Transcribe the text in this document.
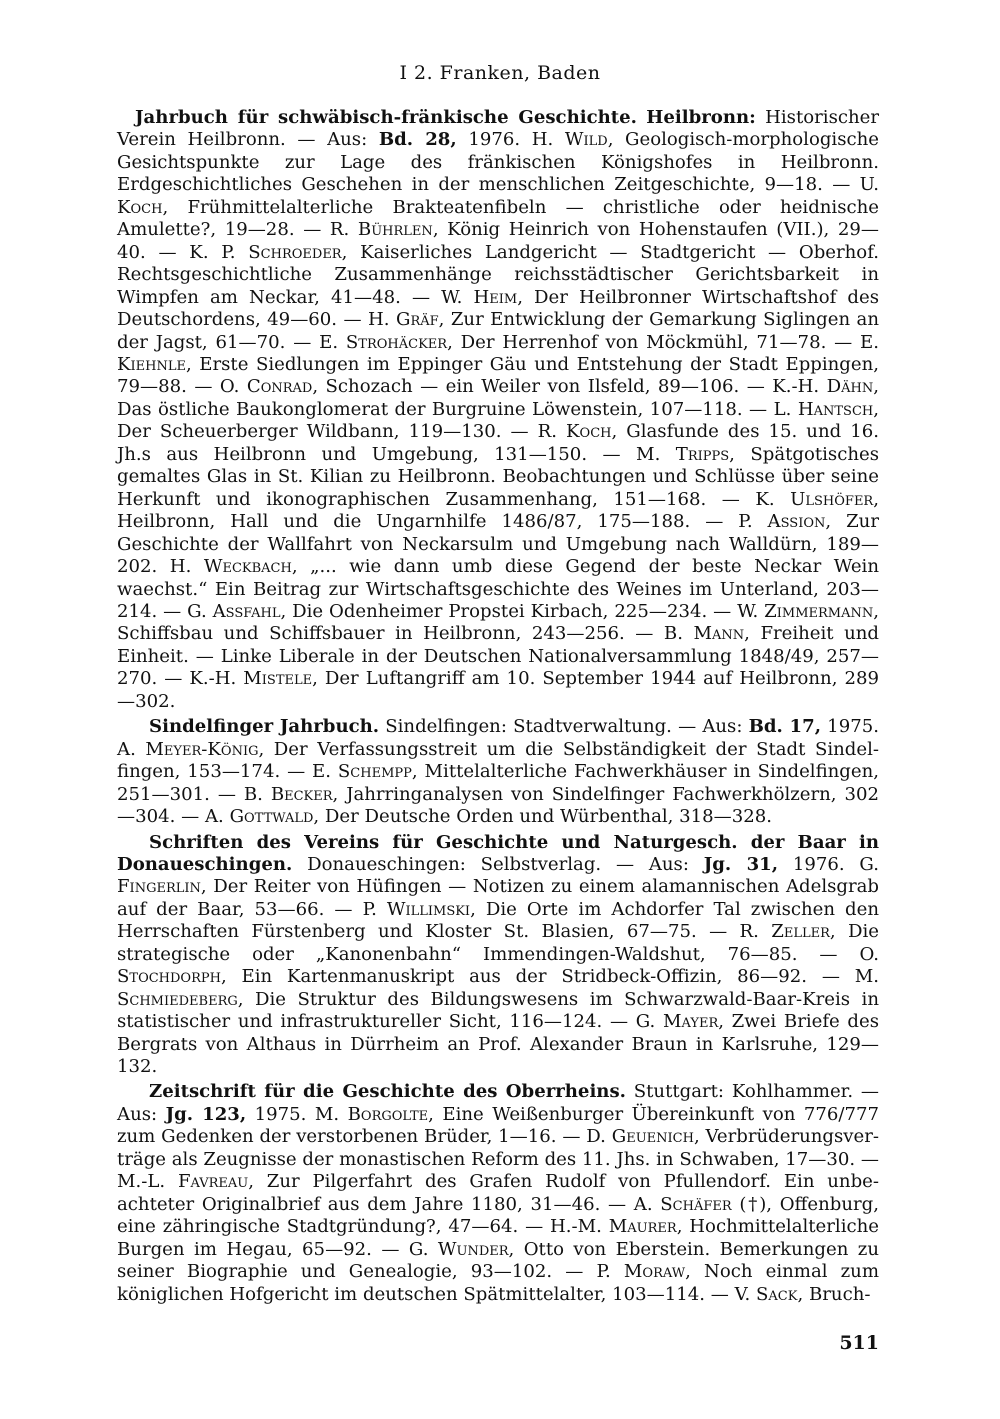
I 2. Franken, Baden

Jahrbuch für schwäbisch-fränkische Geschichte. Heilbronn: Historischer Verein Heilbronn. — Aus: Bd. 28, 1976. H. Wild, Geologisch-morphologische Gesichtspunkte zur Lage des fränkischen Königshofes in Heilbronn. Erdgeschichtliches Geschehen in der menschlichen Zeitgeschichte, 9—18. — U. Koch, Frühmittelalterliche Brakteatenfibeln — christliche oder heidnische Amulette?, 19—28. — R. Bührlen, König Heinrich von Hohenstaufen (VII.), 29—40. — K. P. Schroeder, Kaiserliches Landgericht — Stadtgericht — Oberhof. Rechtsgeschichtliche Zusammenhänge reichsstädtischer Gerichtsbarkeit in Wimpfen am Neckar, 41—48. — W. Heim, Der Heilbronner Wirtschaftshof des Deutschordens, 49—60. — H. Gräf, Zur Entwicklung der Gemarkung Siglingen an der Jagst, 61—70. — E. Strohäcker, Der Herrenhof von Möckmühl, 71—78. — E. Kiehnle, Erste Siedlungen im Eppinger Gäu und Entstehung der Stadt Eppingen, 79—88. — O. Conrad, Schozach — ein Weiler von Ilsfeld, 89—106. — K.-H. Dähn, Das östliche Baukonglomerat der Burgruine Löwenstein, 107—118. — L. Hantsch, Der Scheuerberger Wildbann, 119—130. — R. Koch, Glasfunde des 15. und 16. Jh.s aus Heilbronn und Umgebung, 131—150. — M. Tripps, Spätgotisches gemaltes Glas in St. Kilian zu Heilbronn. Beobachtungen und Schlüsse über seine Herkunft und ikonographischen Zusammenhang, 151—168. — K. Ulshöfer, Heilbronn, Hall und die Ungarnhilfe 1486/87, 175—188. — P. Assion, Zur Geschichte der Wallfahrt von Neckarsulm und Umgebung nach Walldürn, 189—202. H. Weckbach, „... wie dann umb diese Gegend der beste Neckar Wein waechst.“ Ein Beitrag zur Wirtschaftsgeschichte des Weines im Unterland, 203—214. — G. Assfahl, Die Odenheimer Propstei Kirbach, 225—234. — W. Zimmermann, Schiffsbau und Schiffsbauer in Heilbronn, 243—256. — B. Mann, Freiheit und Einheit. — Linke Liberale in der Deutschen Nationalversammlung 1848/49, 257—270. — K.-H. Mistele, Der Luftangriff am 10. September 1944 auf Heilbronn, 289—302.

Sindelfinger Jahrbuch. Sindelfingen: Stadtverwaltung. — Aus: Bd. 17, 1975. A. Meyer-König, Der Verfassungsstreit um die Selbständigkeit der Stadt Sindelfingen, 153—174. — E. Schempp, Mittelalterliche Fachwerkhäuser in Sindelfingen, 251—301. — B. Becker, Jahrringanalysen von Sindelfinger Fachwerkhölzern, 302—304. — A. Gottwald, Der Deutsche Orden und Würbenthal, 318—328.

Schriften des Vereins für Geschichte und Naturgesch. der Baar in Donaueschingen. Donaueschingen: Selbstverlag. — Aus: Jg. 31, 1976. G. Fingerlin, Der Reiter von Hüfingen — Notizen zu einem alamannischen Adelsgrab auf der Baar, 53—66. — P. Willimski, Die Orte im Achdorfer Tal zwischen den Herrschaften Fürstenberg und Kloster St. Blasien, 67—75. — R. Zeller, Die strategische oder „Kanonenbahn“ Immendingen-Waldshut, 76—85. — O. Stochdorph, Ein Kartenmanuskript aus der Stridbeck-Offizin, 86—92. — M. Schmiedeberg, Die Struktur des Bildungswesens im Schwarzwald-Baar-Kreis in statistischer und infrastruktureller Sicht, 116—124. — G. Mayer, Zwei Briefe des Bergrats von Althaus in Dürrheim an Prof. Alexander Braun in Karlsruhe, 129—132.

Zeitschrift für die Geschichte des Oberrheins. Stuttgart: Kohlhammer. — Aus: Jg. 123, 1975. M. Borgolte, Eine Weißenburger Übereinkunft von 776/777 zum Gedenken der verstorbenen Brüder, 1—16. — D. Geuenich, Verbrüderungsverträge als Zeugnisse der monastischen Reform des 11. Jhs. in Schwaben, 17—30. — M.-L. Favreau, Zur Pilgerfahrt des Grafen Rudolf von Pfullendorf. Ein unbeachteter Originalbrief aus dem Jahre 1180, 31—46. — A. Schäfer (†), Offenburg, eine zähringische Stadtgründung?, 47—64. — H.-M. Maurer, Hochmittelalterliche Burgen im Hegau, 65—92. — G. Wunder, Otto von Eberstein. Bemerkungen zu seiner Biographie und Genealogie, 93—102. — P. Moraw, Noch einmal zum königlichen Hofgericht im deutschen Spätmittelalter, 103—114. — V. Sack, Bruch-

511
